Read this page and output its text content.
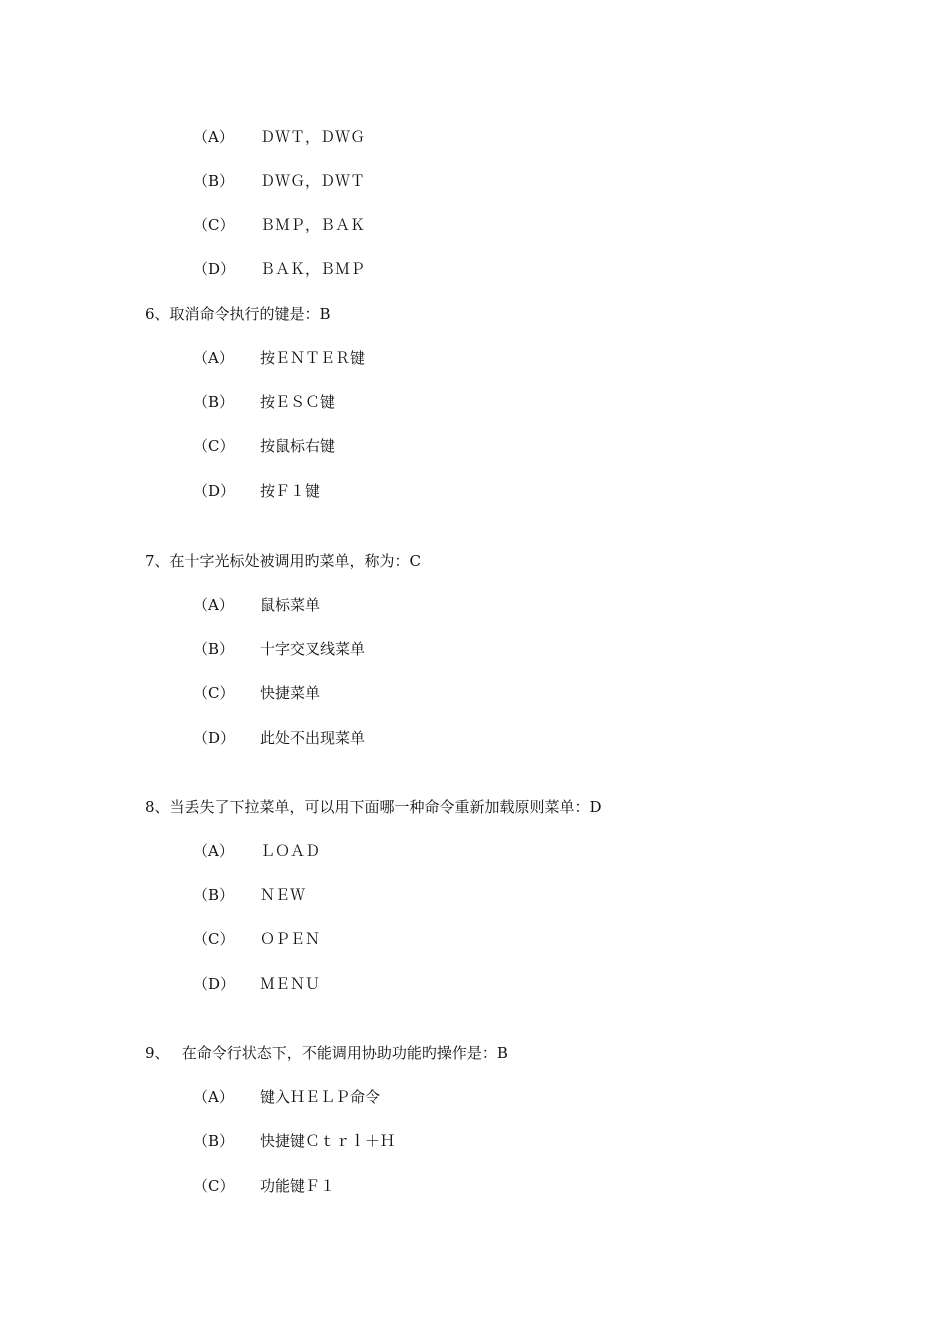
（A） ＤＷＴ，ＤＷＧ
（B） ＤＷＧ，ＤＷＴ
（C） ＢＭＰ，ＢＡＫ
（D） ＢＡＫ，ＢＭＰ
6、取消命令执行的键是：B
（A） 按ＥＮＴＥＲ键
（B） 按ＥＳＣ键
（C） 按鼠标右键
（D） 按Ｆ１键
7、在十字光标处被调用旳菜单，称为：C
（A） 鼠标菜单
（B） 十字交叉线菜单
（C） 快捷菜单
（D） 此处不出现菜单
8、当丢失了下拉菜单，可以用下面哪一种命令重新加载原则菜单：D
（A） ＬＯＡＤ
（B） ＮＥＷ
（C） ＯＰＥＮ
（D） ＭＥＮＵ
9、　 在命令行状态下，不能调用协助功能旳操作是：B
（A） 键入ＨＥＬＰ命令
（B） 快捷键Ｃｔｒｌ＋Ｈ
（C） 功能键Ｆ１
